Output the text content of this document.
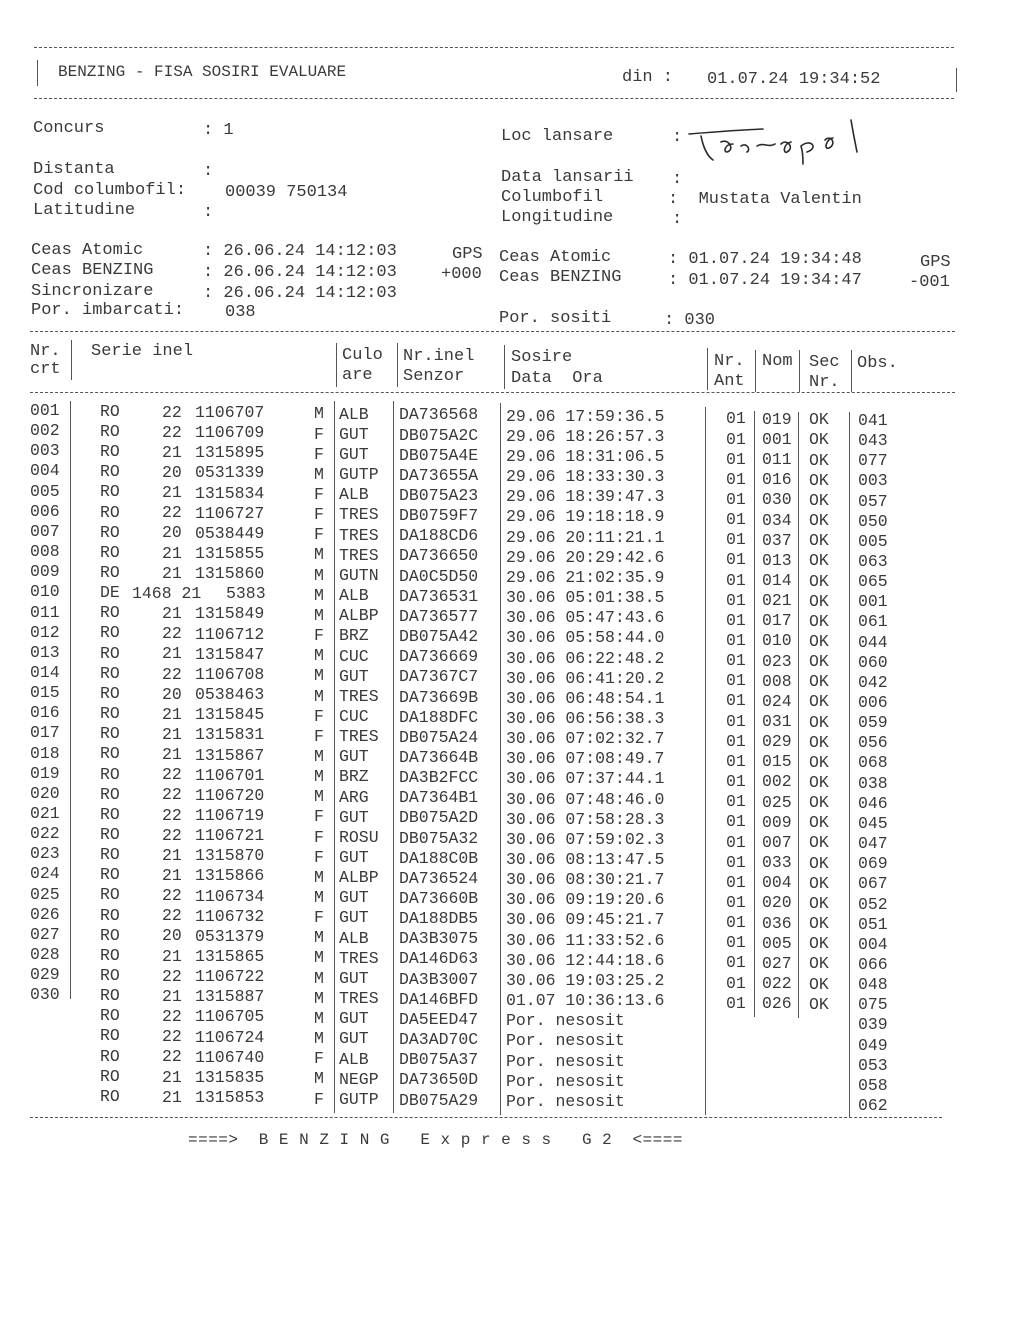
BENZING - FISA SOSIRI EVALUARE	din : 01.07.24 19:34:52
Concurs	: 1
Distanta	:
Cod columbofil: 00039 750134
Latitudine	:
Loc lansare	:
Data lansarii :
Columbofil	:  Mustata Valentin
Longitudine	:
Ceas Atomic	: 26.06.24 14:12:03	GPS
Ceas BENZING	: 26.06.24 14:12:03	+000
Sincronizare	: 26.06.24 14:12:03
Por. imbarcati: 038
Ceas Atomic	: 01.07.24 19:34:48	GPS
Ceas BENZING	: 01.07.24 19:34:47	-001
Por. sositi	: 030
Nr.
crt
Serie inel	Culo
are
Nr.inel
Senzor
Sosire
Data  Ora
Nr.
Ant
Nom Sec
Nr.
Obs.
001 RO	22 1106707	M ALB DA736568 29.06 17:59:36.5	01 019 OK 041
002 RO	22 1106709	F GUT DB075A2C 29.06 18:26:57.3	01 001 OK 043
003 RO	21 1315895	F GUT DB075A4E 29.06 18:31:06.5	01 011 OK 077
004 RO	20 0531339	M GUTP DA73655A 29.06 18:33:30.3	01 016 OK 003
005 RO	21 1315834	F ALB DB075A23 29.06 18:39:47.3	01 030 OK 057
006 RO	22 1106727	F TRES DB0759F7 29.06 19:18:18.9	01 034 OK 050
007 RO	20 0538449	F TRES DA188CD6 29.06 20:11:21.1	01 037 OK 005
008 RO	21 1315855	M TRES DA736650 29.06 20:29:42.6	01 013 OK 063
009 RO	21 1315860	M GUTN DA0C5D50 29.06 21:02:35.9	01 014 OK 065
010 DE 1468 21 5383	M ALB DA736531 30.06 05:01:38.5	01 021 OK 001
011 RO	21 1315849	M ALBP DA736577 30.06 05:47:43.6	01 017 OK 061
012 RO	22 1106712	F BRZ DB075A42 30.06 05:58:44.0	01 010 OK 044
013 RO	21 1315847	M CUC DA736669 30.06 06:22:48.2	01 023 OK 060
014 RO	22 1106708	M GUT DA7367C7 30.06 06:41:20.2	01 008 OK 042
015 RO	20 0538463	M TRES DA73669B 30.06 06:48:54.1	01 024 OK 006
016 RO	21 1315845	F CUC DA188DFC 30.06 06:56:38.3	01 031 OK 059
017 RO	21 1315831	F TRES DB075A24 30.06 07:02:32.7	01 029 OK 056
018 RO	21 1315867	M GUT DA73664B 30.06 07:08:49.7	01 015 OK 068
019 RO	22 1106701	M BRZ DA3B2FCC 30.06 07:37:44.1	01 002 OK 038
020 RO	22 1106720	M ARG DA7364B1 30.06 07:48:46.0	01 025 OK 046
021 RO	22 1106719	F GUT DB075A2D 30.06 07:58:28.3	01 009 OK 045
022 RO	22 1106721	F ROSU DB075A32 30.06 07:59:02.3	01 007 OK 047
023 RO	21 1315870	F GUT DA188C0B 30.06 08:13:47.5	01 033 OK 069
024 RO	21 1315866	M ALBP DA736524 30.06 08:30:21.7	01 004 OK 067
025 RO	22 1106734	M GUT DA73660B 30.06 09:19:20.6	01 020 OK 052
026 RO	22 1106732	F GUT DA188DB5 30.06 09:45:21.7	01 036 OK 051
027 RO	20 0531379	M ALB DA3B3075 30.06 11:33:52.6	01 005 OK 004
028 RO	21 1315865	M TRES DA146D63 30.06 12:44:18.6	01 027 OK 066
029 RO	22 1106722	M GUT DA3B3007 30.06 19:03:25.2	01 022 OK 048
030 RO	21 1315887	M TRES DA146BFD 01.07 10:36:13.6	01 026 OK 075
RO	22 1106705	M GUT DA5EED47 Por. nesosit	039
RO	22 1106724	M GUT DA3AD70C Por. nesosit	049
RO	22 1106740	F ALB DB075A37 Por. nesosit	053
RO	21 1315835	M NEGP DA73650D Por. nesosit	058
RO	21 1315853	F GUTP DB075A29 Por. nesosit	062
====>  B E N Z I N G   E x p r e s s   G 2  <====
